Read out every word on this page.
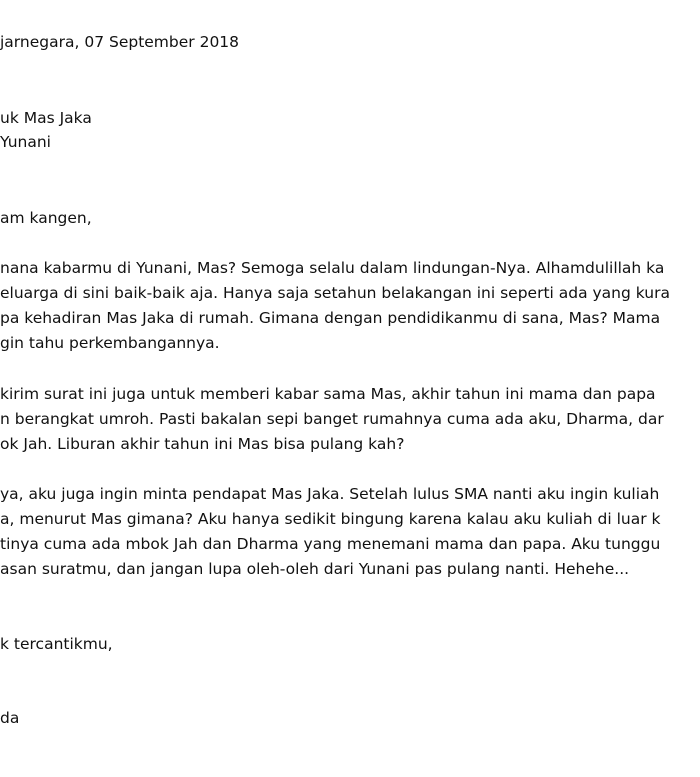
jarnegara, 07 September 2018

uk Mas Jaka

Yunani

am kangen,

nana kabarmu di Yunani, Mas? Semoga selalu dalam lindungan-Nya. Alhamdulillah ka

eluarga di sini baik-baik aja. Hanya saja setahun belakangan ini seperti ada yang kura

pa kehadiran Mas Jaka di rumah. Gimana dengan pendidikanmu di sana, Mas? Mama

gin tahu perkembangannya.

kirim surat ini juga untuk memberi kabar sama Mas, akhir tahun ini mama dan papa

n berangkat umroh. Pasti bakalan sepi banget rumahnya cuma ada aku, Dharma, dar

ok Jah. Liburan akhir tahun ini Mas bisa pulang kah?

ya, aku juga ingin minta pendapat Mas Jaka. Setelah lulus SMA nanti aku ingin kuliah

a, menurut Mas gimana? Aku hanya sedikit bingung karena kalau aku kuliah di luar k

tinya cuma ada mbok Jah dan Dharma yang menemani mama dan papa. Aku tunggu

asan suratmu, dan jangan lupa oleh-oleh dari Yunani pas pulang nanti. Hehehe...

k tercantikmu,

da
